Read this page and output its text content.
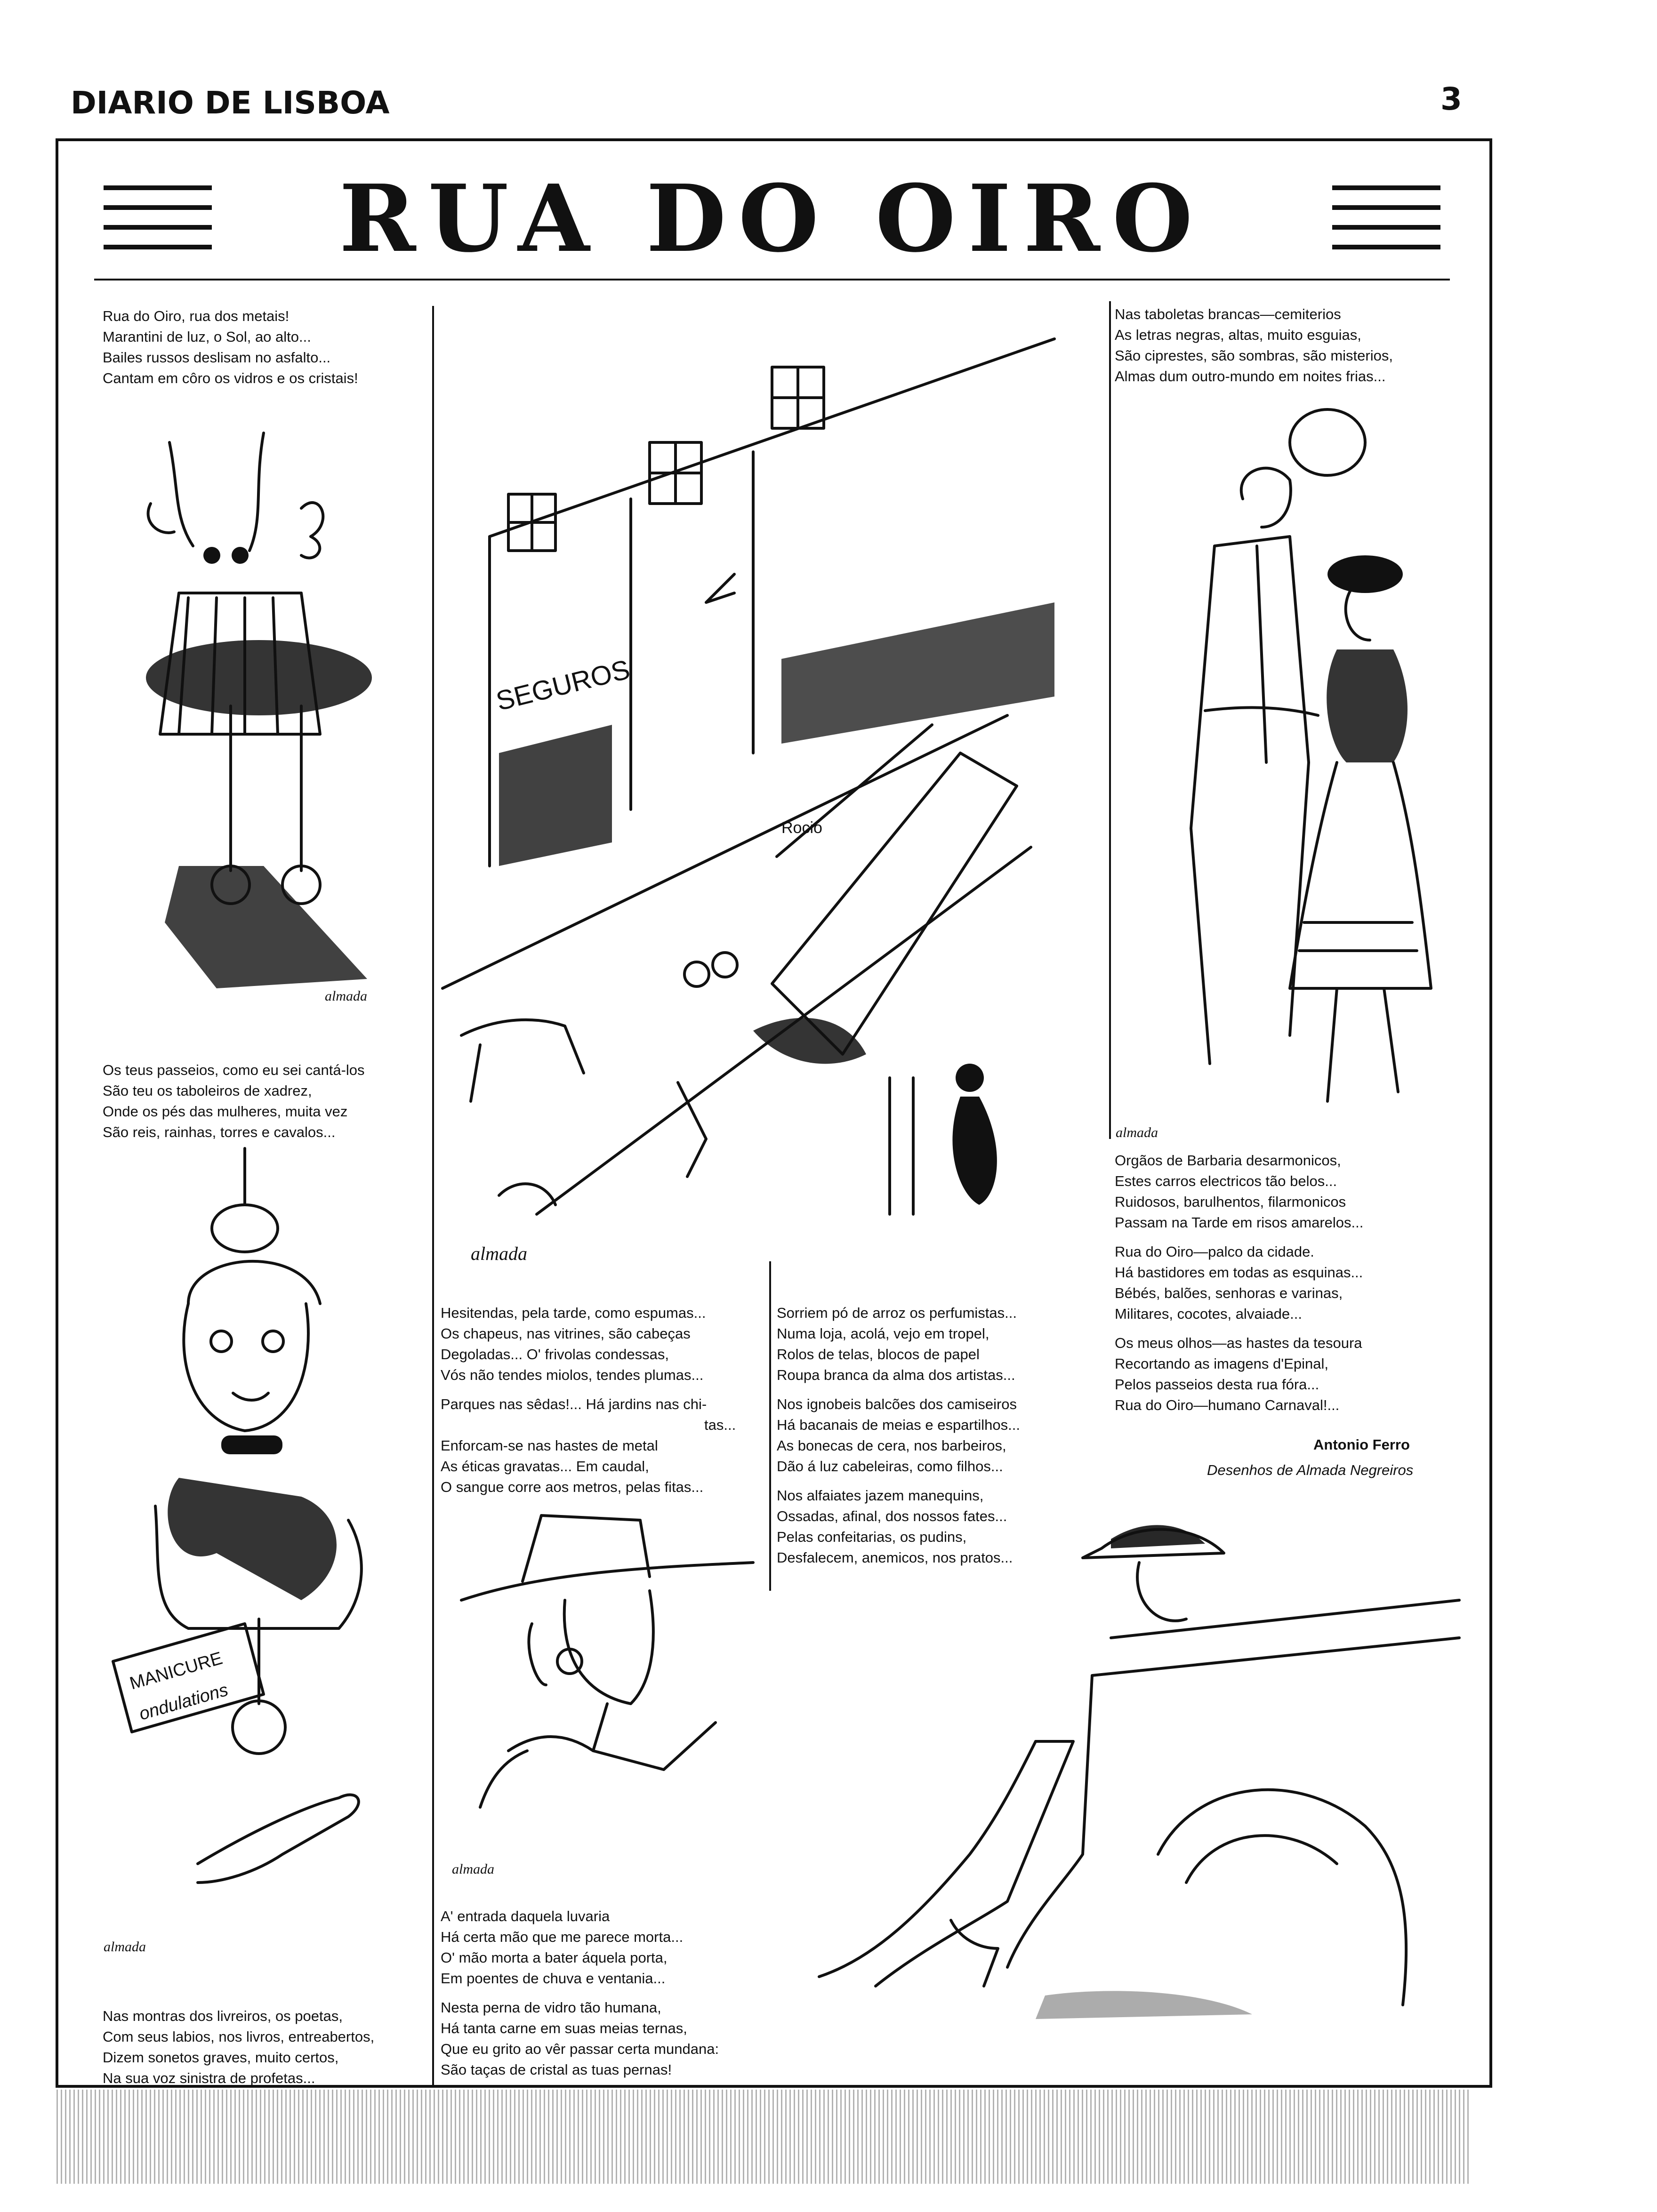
DIARIO DE LISBOA	3
RUA DO OIRO
Rua do Oiro, rua dos metais!
Marantini de luz, o Sol, ao alto...
Bailes russos deslisam no asfalto...
Cantam em côro os vidros e os cristais!
almada
Os teus passeios, como eu sei cantá-los
São teu os taboleiros de xadrez,
Onde os pés das mulheres, muita vez
São reis, rainhas, torres e cavalos...
MANICURE
ondulations
almada
Nas montras dos livreiros, os poetas,
Com seus labios, nos livros, entreabertos,
Dizem sonetos graves, muito certos,
Na sua voz sinistra de profetas...
SEGUROS
Rocio
almada

Hesitendas, pela tarde, como espumas...
Os chapeus, nas vitrines, são cabeças
Degoladas... O' frivolas condessas,
Vós não tendes miolos, tendes plumas...

Parques nas sêdas!... Há jardins nas chi-
tas...
Enforcam-se nas hastes de metal
As éticas gravatas... Em caudal,
O sangue corre aos metros, pelas fitas...

almada

A' entrada daquela luvaria
Há certa mão que me parece morta...
O' mão morta a bater áquela porta,
Em poentes de chuva e ventania...

Nesta perna de vidro tão humana,
Há tanta carne em suas meias ternas,
Que eu grito ao vêr passar certa mundana:
São taças de cristal as tuas pernas!

Sorriem pó de arroz os perfumistas...
Numa loja, acolá, vejo em tropel,
Rolos de telas, blocos de papel
Roupa branca da alma dos artistas...

Nos ignobeis balcões dos camiseiros
Há bacanais de meias e espartilhos...
As bonecas de cera, nos barbeiros,
Dão á luz cabeleiras, como filhos...

Nos alfaiates jazem manequins,
Ossadas, afinal, dos nossos fates...
Pelas confeitarias, os pudins,
Desfalecem, anemicos, nos pratos...

Nas taboletas brancas—cemiterios
As letras negras, altas, muito esguias,
São ciprestes, são sombras, são misterios,
Almas dum outro-mundo em noites frias...
almada

Orgãos de Barbaria desarmonicos,
Estes carros electricos tão belos...
Ruidosos, barulhentos, filarmonicos
Passam na Tarde em risos amarelos...

Rua do Oiro—palco da cidade.
Há bastidores em todas as esquinas...
Bébés, balões, senhoras e varinas,
Militares, cocotes, alvaiade...

Os meus olhos—as hastes da tesoura
Recortando as imagens d'Epinal,
Pelos passeios desta rua fóra...
Rua do Oiro—humano Carnaval!...

Antonio Ferro
Desenhos de Almada Negreiros
